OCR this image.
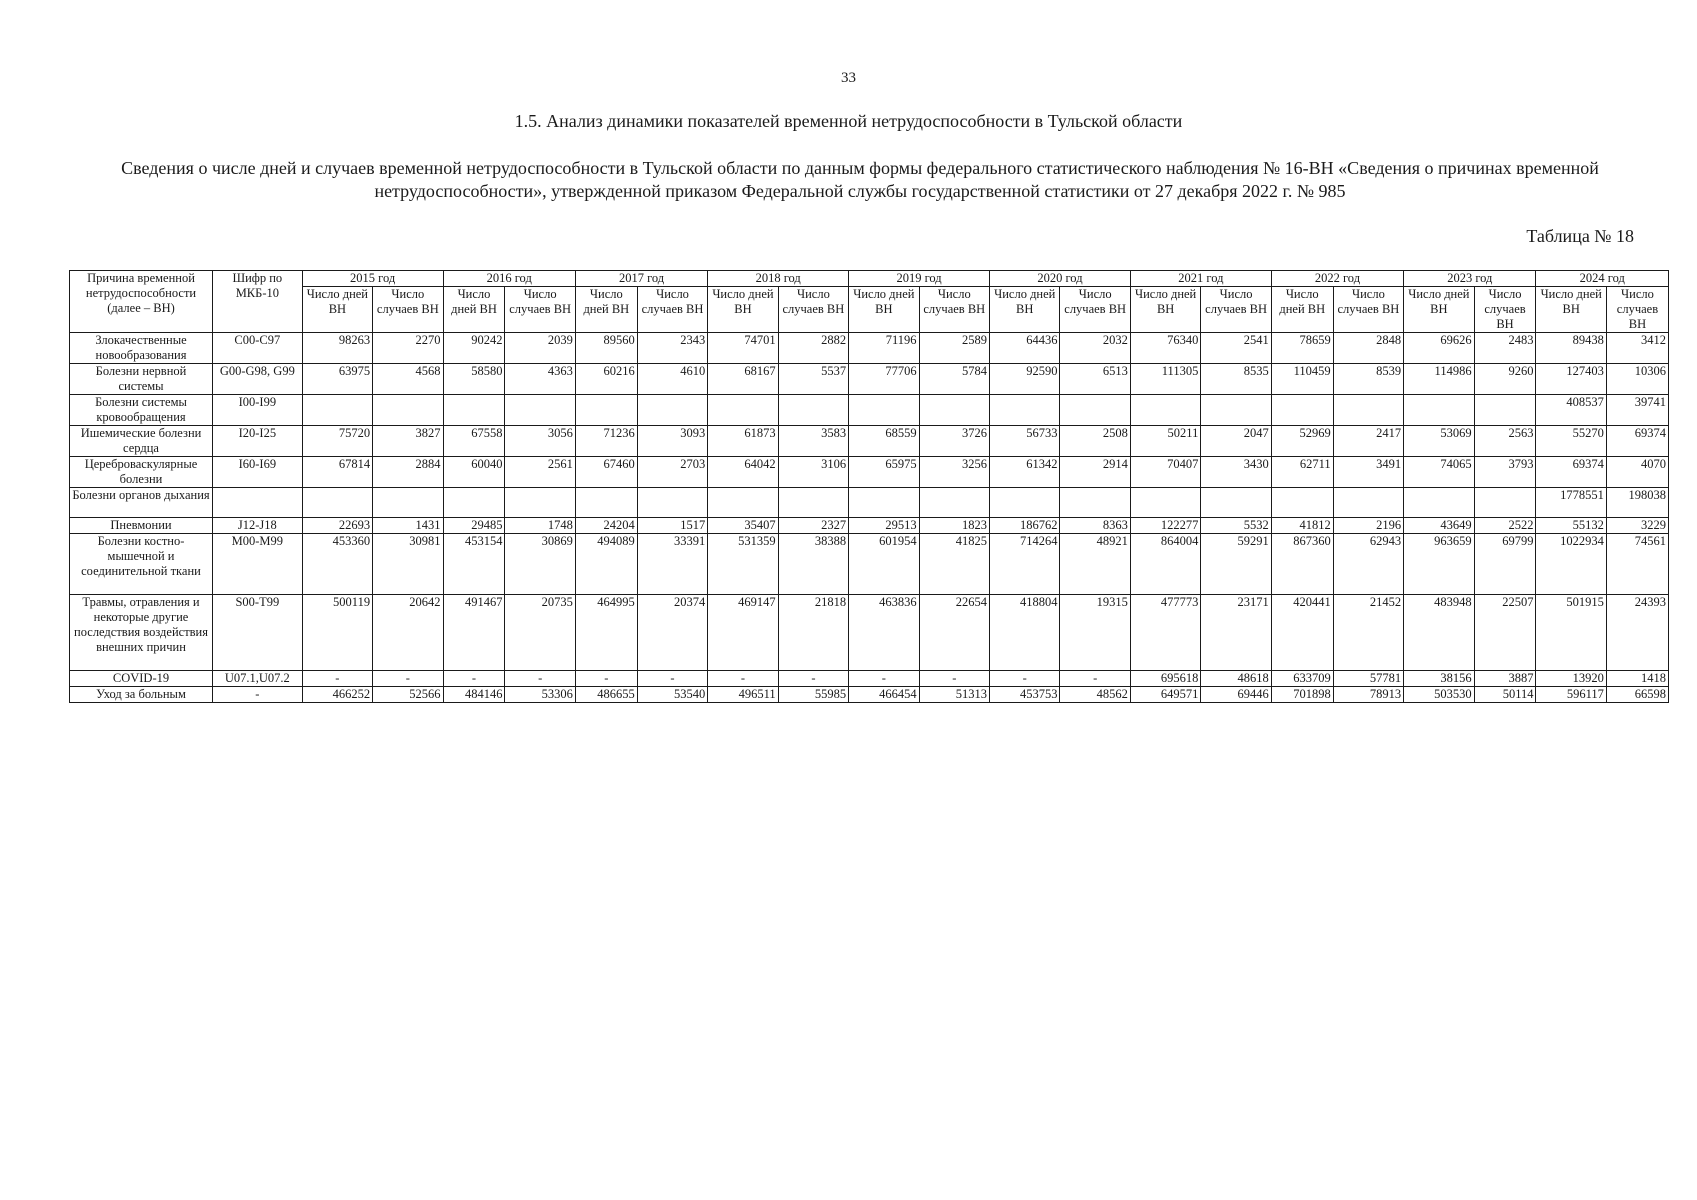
33
1.5. Анализ динамики показателей временной нетрудоспособности в Тульской области
Сведения о числе дней и случаев временной нетрудоспособности в Тульской области по данным формы федерального статистического наблюдения № 16-ВН «Сведения о причинах временной нетрудоспособности», утвержденной приказом Федеральной службы государственной статистики от 27 декабря 2022 г. № 985
Таблица № 18
Причина временной нетрудоспособности (далее – ВН)	Шифр по МКБ-10	2015 год		2016 год		2017 год		2018 год		2019 год		2020 год		2021 год		2022 год		2023 год		2024 год	
		Число дней ВН	Число случаев ВН	Число дней ВН	Число случаев ВН	Число дней ВН	Число случаев ВН	Число дней ВН	Число случаев ВН	Число дней ВН	Число случаев ВН	Число дней ВН	Число случаев ВН	Число дней ВН	Число случаев ВН	Число дней ВН	Число случаев ВН	Число дней ВН	Число случаев ВН	Число дней ВН	Число случаев ВН
Злокачественные новообразования	C00-C97	98263	2270	90242	2039	89560	2343	74701	2882	71196	2589	64436	2032	76340	2541	78659	2848	69626	2483	89438	3412
Болезни нервной системы	G00-G98, G99	63975	4568	58580	4363	60216	4610	68167	5537	77706	5784	92590	6513	111305	8535	110459	8539	114986	9260	127403	10306
Болезни системы кровообращения	I00-I99																			408537	39741
Ишемические болезни сердца	I20-I25	75720	3827	67558	3056	71236	3093	61873	3583	68559	3726	56733	2508	50211	2047	52969	2417	53069	2563	55270	69374
Цереброваскулярные болезни	I60-I69	67814	2884	60040	2561	67460	2703	64042	3106	65975	3256	61342	2914	70407	3430	62711	3491	74065	3793	69374	4070
Болезни органов дыхания																				1778551	198038
Пневмонии	J12-J18	22693	1431	29485	1748	24204	1517	35407	2327	29513	1823	186762	8363	122277	5532	41812	2196	43649	2522	55132	3229
Болезни костно-мышечной и соединительной ткани	M00-M99	453360	30981	453154	30869	494089	33391	531359	38388	601954	41825	714264	48921	864004	59291	867360	62943	963659	69799	1022934	74561
Травмы, отравления и некоторые другие последствия воздействия внешних причин	S00-T99	500119	20642	491467	20735	464995	20374	469147	21818	463836	22654	418804	19315	477773	23171	420441	21452	483948	22507	501915	24393
COVID-19	U07.1,U07.2	-	-	-	-	-	-	-	-	-	-	-	-	695618	48618	633709	57781	38156	3887	13920	1418
Уход за больным	-	466252	52566	484146	53306	486655	53540	496511	55985	466454	51313	453753	48562	649571	69446	701898	78913	503530	50114	596117	66598
